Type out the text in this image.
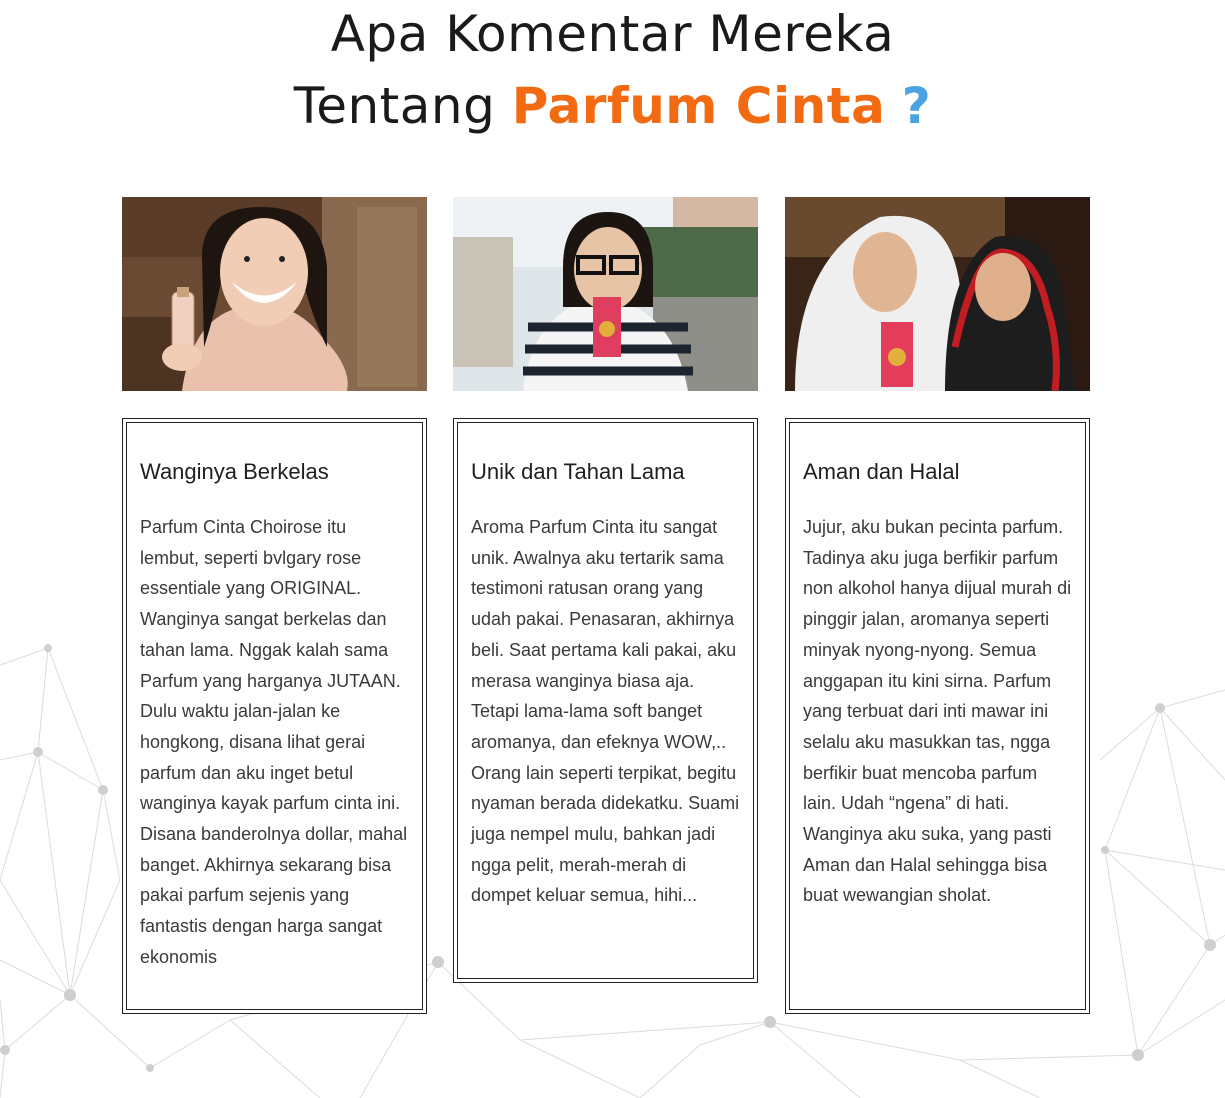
Apa Komentar Mereka
Tentang Parfum Cinta ?
Wanginya Berkelas
Parfum Cinta Choirose itu lembut, seperti bvlgary rose essentiale yang ORIGINAL. Wanginya sangat berkelas dan tahan lama. Nggak kalah sama Parfum yang harganya JUTAAN. Dulu waktu jalan-jalan ke hongkong, disana lihat gerai parfum dan aku inget betul wanginya kayak parfum cinta ini. Disana banderolnya dollar, mahal banget. Akhirnya sekarang bisa pakai parfum sejenis yang fantastis dengan harga sangat ekonomis
Unik dan Tahan Lama
Aroma Parfum Cinta itu sangat unik. Awalnya aku tertarik sama testimoni ratusan orang yang udah pakai. Penasaran, akhirnya beli. Saat pertama kali pakai, aku merasa wanginya biasa aja. Tetapi lama-lama soft banget aromanya, dan efeknya WOW,.. Orang lain seperti terpikat, begitu nyaman berada didekatku. Suami juga nempel mulu, bahkan jadi ngga pelit, merah-merah di dompet keluar semua, hihi...
Aman dan Halal
Jujur, aku bukan pecinta parfum. Tadinya aku juga berfikir parfum non alkohol hanya dijual murah di pinggir jalan, aromanya seperti minyak nyong-nyong. Semua anggapan itu kini sirna. Parfum yang terbuat dari inti mawar ini selalu aku masukkan tas, ngga berfikir buat mencoba parfum lain. Udah “ngena” di hati. Wanginya aku suka, yang pasti Aman dan Halal sehingga bisa buat wewangian sholat.
